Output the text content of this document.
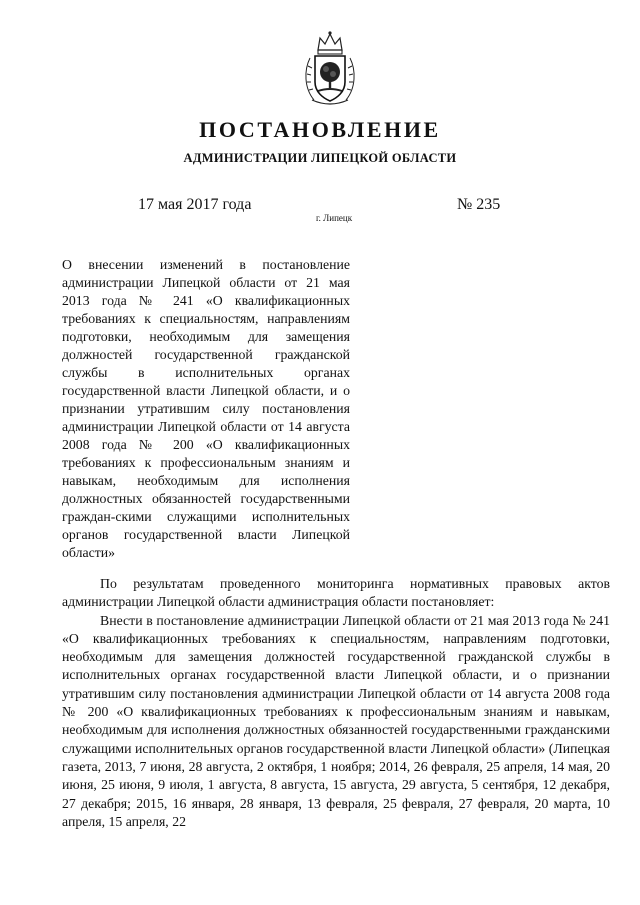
ПОСТАНОВЛЕНИЕ
АДМИНИСТРАЦИИ ЛИПЕЦКОЙ ОБЛАСТИ
17 мая 2017 года
г. Липецк
№ 235
О внесении изменений в постановление администрации Липецкой области от 21 мая 2013 года № 241 «О квалификационных требованиях к специальностям, направлениям подготовки, необходимым для замещения должностей государственной гражданской службы в исполнительных органах государственной власти Липецкой области, и о признании утратившим силу постановления администрации Липецкой области от 14 августа 2008 года № 200 «О квалификационных требованиях к профессиональным знаниям и навыкам, необходимым для исполнения должностных обязанностей государственными граждан-скими служащими исполнительных органов государственной власти Липецкой области»

По результатам проведенного мониторинга нормативных правовых актов администрации Липецкой области администрация области постановляет:

Внести в постановление администрации Липецкой области от 21 мая 2013 года № 241 «О квалификационных требованиях к специальностям, направлениям подготовки, необходимым для замещения должностей государственной гражданской службы в исполнительных органах государственной власти Липецкой области, и о признании утратившим силу постановления администрации Липецкой области от 14 августа 2008 года № 200 «О квалификационных требованиях к профессиональным знаниям и навыкам, необходимым для исполнения должностных обязанностей государственными гражданскими служащими исполнительных органов государственной власти Липецкой области» (Липецкая газета, 2013, 7 июня, 28 августа, 2 октября, 1 ноября; 2014, 26 февраля, 25 апреля, 14 мая, 20 июня, 25 июня, 9 июля, 1 августа, 8 августа, 15 августа, 29 августа, 5 сентября, 12 декабря, 27 декабря; 2015, 16 января, 28 января, 13 февраля, 25 февраля, 27 февраля, 20 марта, 10 апреля, 15 апреля, 22
